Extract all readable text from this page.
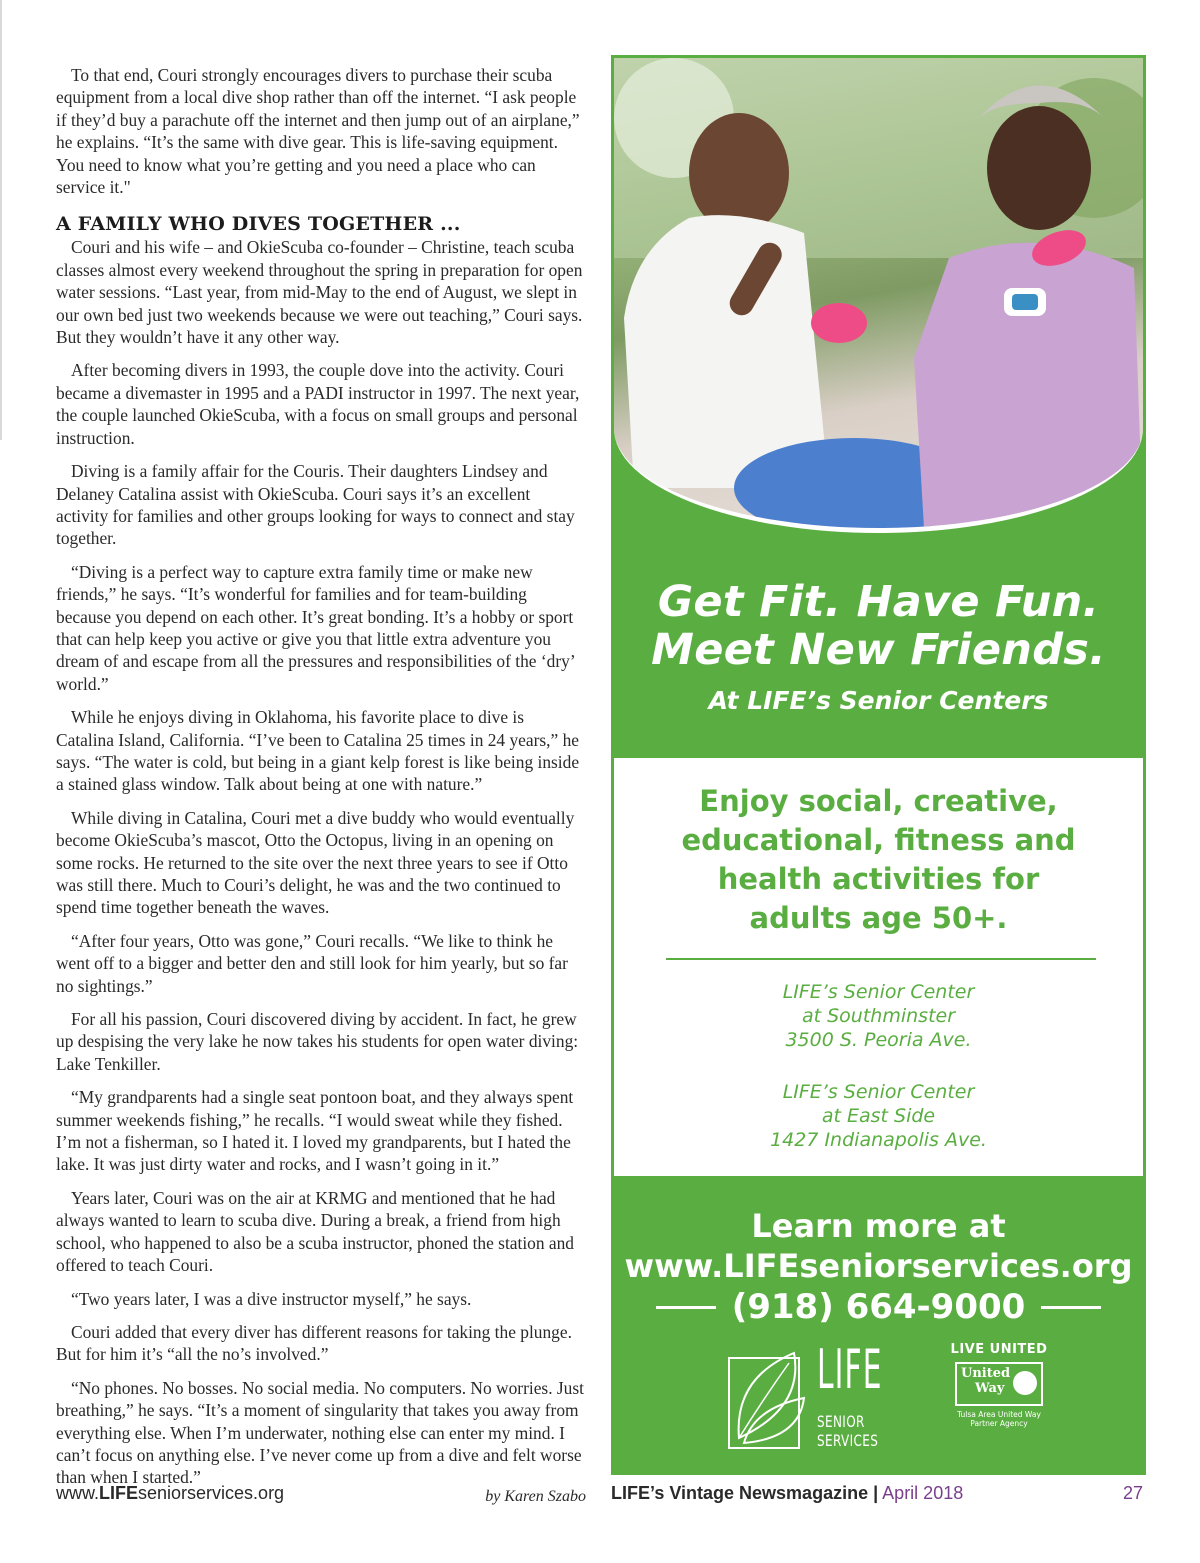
To that end, Couri strongly encourages divers to purchase their scuba equipment from a local dive shop rather than off the internet. “I ask people if they’d buy a parachute off the internet and then jump out of an airplane,” he explains. “It’s the same with dive gear. This is life-saving equipment. You need to know what you’re getting and you need a place who can service it."

A FAMILY WHO DIVES TOGETHER ...

Couri and his wife – and OkieScuba co-founder – Christine, teach scuba classes almost every weekend throughout the spring in preparation for open water sessions. “Last year, from mid-May to the end of August, we slept in our own bed just two weekends because we were out teaching,” Couri says. But they wouldn’t have it any other way.

After becoming divers in 1993, the couple dove into the activity. Couri became a divemaster in 1995 and a PADI instructor in 1997. The next year, the couple launched OkieScuba, with a focus on small groups and personal instruction.

Diving is a family affair for the Couris. Their daughters Lindsey and Delaney Catalina assist with OkieScuba. Couri says it’s an excellent activity for families and other groups looking for ways to connect and stay together.

“Diving is a perfect way to capture extra family time or make new friends,” he says. “It’s wonderful for families and for team-building because you depend on each other. It’s great bonding. It’s a hobby or sport that can help keep you active or give you that little extra adventure you dream of and escape from all the pressures and responsibilities of the ‘dry’ world.”

While he enjoys diving in Oklahoma, his favorite place to dive is Catalina Island, California. “I’ve been to Catalina 25 times in 24 years,” he says. “The water is cold, but being in a giant kelp forest is like being inside a stained glass window. Talk about being at one with nature.”

While diving in Catalina, Couri met a dive buddy who would eventually become OkieScuba’s mascot, Otto the Octopus, living in an opening on some rocks. He returned to the site over the next three years to see if Otto was still there. Much to Couri’s delight, he was and the two continued to spend time together beneath the waves.

“After four years, Otto was gone,” Couri recalls. “We like to think he went off to a bigger and better den and still look for him yearly, but so far no sightings.”

For all his passion, Couri discovered diving by accident. In fact, he grew up despising the very lake he now takes his students for open water diving: Lake Tenkiller.

“My grandparents had a single seat pontoon boat, and they always spent summer weekends fishing,” he recalls. “I would sweat while they fished. I’m not a fisherman, so I hated it. I loved my grandparents, but I hated the lake. It was just dirty water and rocks, and I wasn’t going in it.”

Years later, Couri was on the air at KRMG and mentioned that he had always wanted to learn to scuba dive. During a break, a friend from high school, who happened to also be a scuba instructor, phoned the station and offered to teach Couri.

“Two years later, I was a dive instructor myself,” he says.

Couri added that every diver has different reasons for taking the plunge. But for him it’s “all the no’s involved.”

“No phones. No bosses. No social media. No computers. No worries. Just breathing,” he says. “It’s a moment of singularity that takes you away from everything else. When I’m underwater, nothing else can enter my mind. I can’t focus on anything else. I’ve never come up from a dive and felt worse than when I started.”

by Karen Szabo
Get Fit. Have Fun.
Meet New Friends.
At LIFE’s Senior Centers
Enjoy social, creative,
educational, fitness and
health activities for
adults age 50+.
LIFE’s Senior Center
at Southminster
3500 S. Peoria Ave.
LIFE’s Senior Center
at East Side
1427 Indianapolis Ave.
Learn more at
www.LIFEseniorservices.org
(918) 664-9000
LIFE
SENIOR SERVICES
LIVE UNITED
United
Way
Tulsa Area United Way
Partner Agency
www.LIFEseniorservices.org	LIFE’s Vintage Newsmagazine | April 2018	27
